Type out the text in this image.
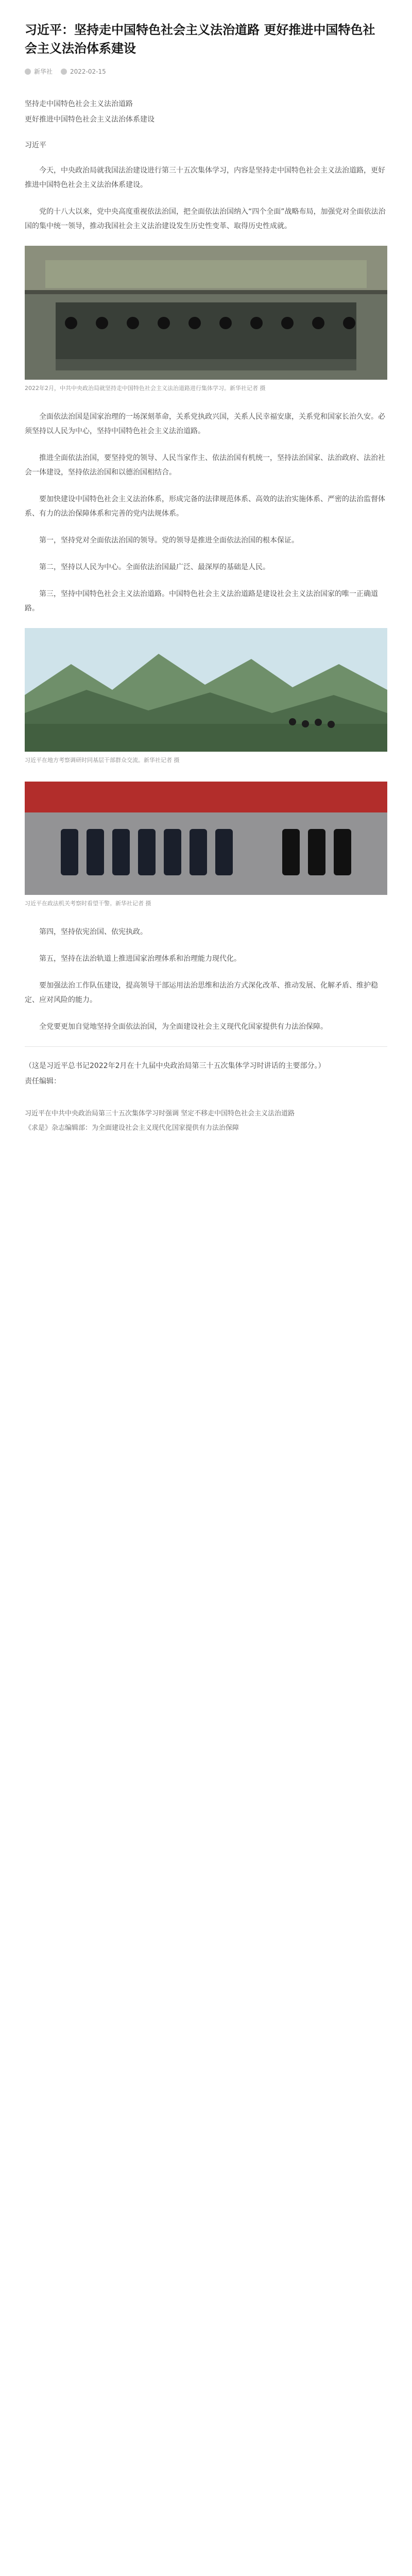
习近平：坚持走中国特色社会主义法治道路 更好推进中国特色社会主义法治体系建设
新华社	2022-02-15

坚持走中国特色社会主义法治道路

更好推进中国特色社会主义法治体系建设

习近平

今天，中央政治局就我国法治建设进行第三十五次集体学习，内容是坚持走中国特色社会主义法治道路，更好推进中国特色社会主义法治体系建设。

党的十八大以来，党中央高度重视依法治国，把全面依法治国纳入“四个全面”战略布局，加强党对全面依法治国的集中统一领导，推动我国社会主义法治建设发生历史性变革、取得历史性成就。

2022年2月，中共中央政治局就坚持走中国特色社会主义法治道路进行集体学习。新华社记者 摄

全面依法治国是国家治理的一场深刻革命，关系党执政兴国，关系人民幸福安康，关系党和国家长治久安。必须坚持以人民为中心，坚持中国特色社会主义法治道路。

推进全面依法治国，要坚持党的领导、人民当家作主、依法治国有机统一，坚持法治国家、法治政府、法治社会一体建设，坚持依法治国和以德治国相结合。

要加快建设中国特色社会主义法治体系，形成完备的法律规范体系、高效的法治实施体系、严密的法治监督体系、有力的法治保障体系和完善的党内法规体系。

第一，坚持党对全面依法治国的领导。党的领导是推进全面依法治国的根本保证。

第二，坚持以人民为中心。全面依法治国最广泛、最深厚的基础是人民。

第三，坚持中国特色社会主义法治道路。中国特色社会主义法治道路是建设社会主义法治国家的唯一正确道路。

习近平在地方考察调研时同基层干部群众交流。新华社记者 摄

习近平在政法机关考察时看望干警。新华社记者 摄

第四，坚持依宪治国、依宪执政。

第五，坚持在法治轨道上推进国家治理体系和治理能力现代化。

要加强法治工作队伍建设，提高领导干部运用法治思维和法治方式深化改革、推动发展、化解矛盾、维护稳定、应对风险的能力。

全党要更加自觉地坚持全面依法治国，为全面建设社会主义现代化国家提供有力法治保障。

（这是习近平总书记2022年2月在十九届中央政治局第三十五次集体学习时讲话的主要部分。）

责任编辑：

习近平在中共中央政治局第三十五次集体学习时强调 坚定不移走中国特色社会主义法治道路

《求是》杂志编辑部：为全面建设社会主义现代化国家提供有力法治保障
